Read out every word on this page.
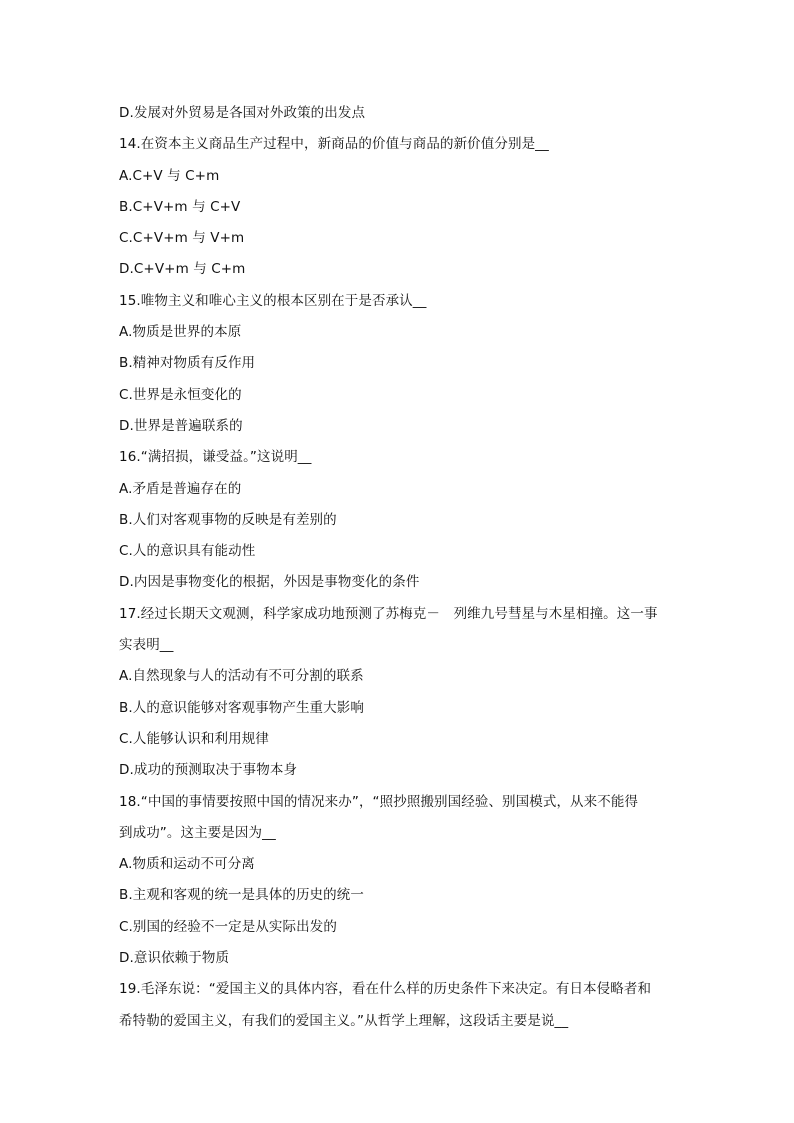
D.发展对外贸易是各国对外政策的出发点
14.在资本主义商品生产过程中，新商品的价值与商品的新价值分别是__
A.C+V 与 C+m
B.C+V+m 与 C+V
C.C+V+m 与 V+m
D.C+V+m 与 C+m
15.唯物主义和唯心主义的根本区别在于是否承认__
A.物质是世界的本原
B.精神对物质有反作用
C.世界是永恒变化的
D.世界是普遍联系的
16.“满招损，谦受益。”这说明__
A.矛盾是普遍存在的
B.人们对客观事物的反映是有差别的
C.人的意识具有能动性
D.内因是事物变化的根据，外因是事物变化的条件
17.经过长期天文观测，科学家成功地预测了苏梅克－　列维九号彗星与木星相撞。这一事
实表明__
A.自然现象与人的活动有不可分割的联系
B.人的意识能够对客观事物产生重大影响
C.人能够认识和利用规律
D.成功的预测取决于事物本身
18.“中国的事情要按照中国的情况来办”，“照抄照搬别国经验、别国模式，从来不能得
到成功”。这主要是因为__
A.物质和运动不可分离
B.主观和客观的统一是具体的历史的统一
C.别国的经验不一定是从实际出发的
D.意识依赖于物质
19.毛泽东说：“爱国主义的具体内容，看在什么样的历史条件下来决定。有日本侵略者和
希特勒的爱国主义，有我们的爱国主义。”从哲学上理解，这段话主要是说__
